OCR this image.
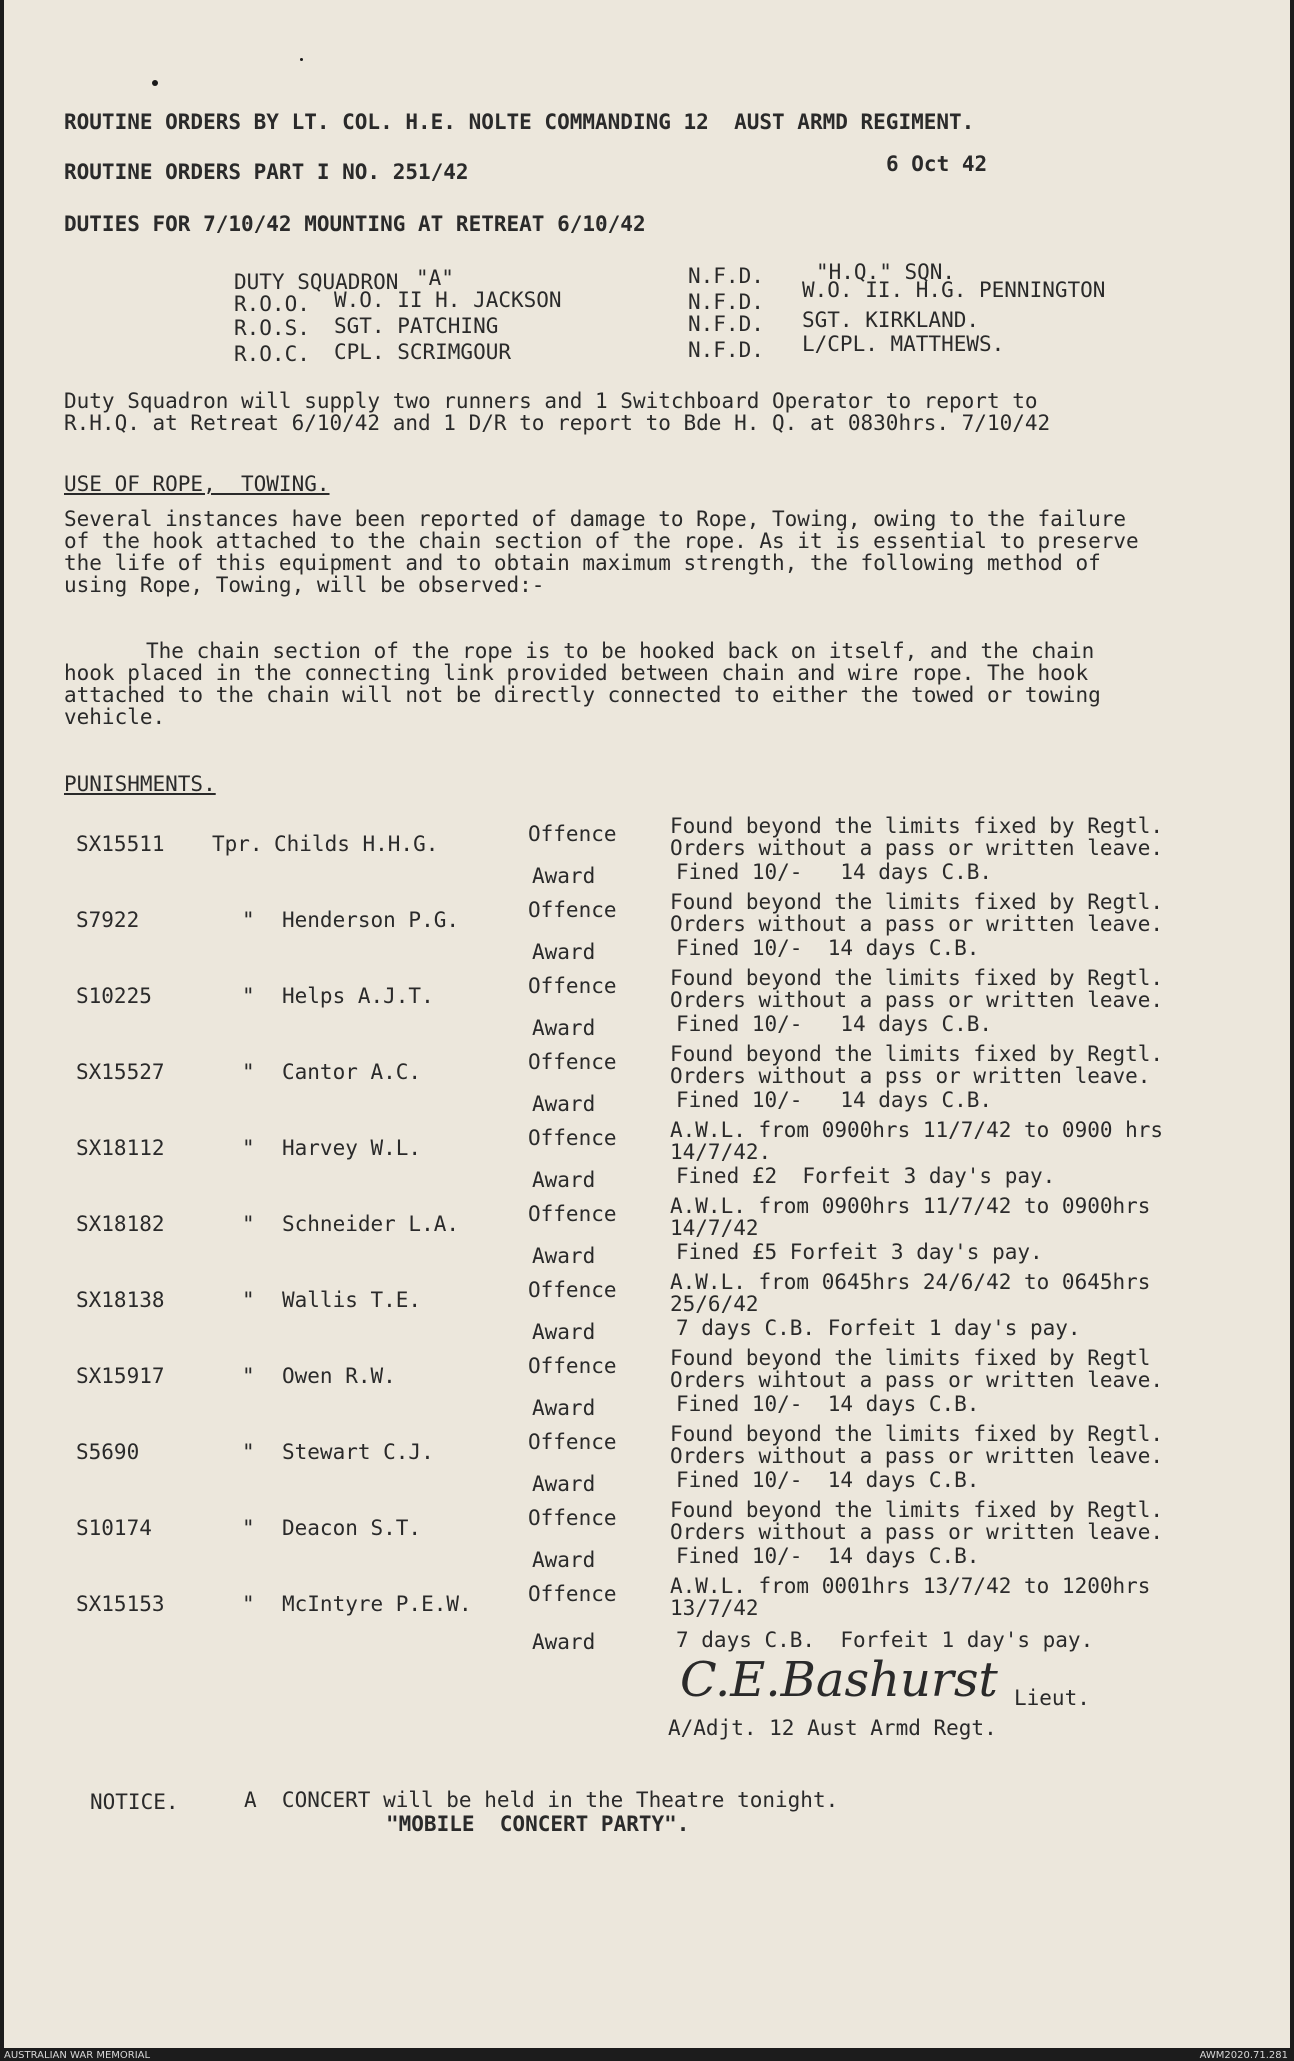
ROUTINE ORDERS BY LT. COL. H.E. NOLTE COMMANDING 12  AUST ARMD REGIMENT.
ROUTINE ORDERS PART I NO. 251/42	6 Oct 42
DUTIES FOR 7/10/42 MOUNTING AT RETREAT 6/10/42
DUTY SQUADRON "A"
R.O.O. W.O. II H. JACKSON
R.O.S. SGT. PATCHING
R.O.C. CPL. SCRIMGOUR
N.F.D. "H.Q." SQN.
N.F.D. W.O. II. H.G. PENNINGTON
N.F.D. SGT. KIRKLAND.
N.F.D. L/CPL. MATTHEWS.
Duty Squadron will supply two runners and 1 Switchboard Operator to report to R.H.Q. at Retreat 6/10/42 and 1 D/R to report to Bde H. Q. at 0830hrs. 7/10/42
USE OF ROPE,  TOWING.
Several instances have been reported of damage to Rope, Towing, owing to the failure of the hook attached to the chain section of the rope. As it is essential to preserve the life of this equipment and to obtain maximum strength, the following method of using Rope, Towing, will be observed:-
The chain section of the rope is to be hooked back on itself, and the chain hook placed in the connecting link provided between chain and wire rope. The hook attached to the chain will not be directly connected to either the towed or towing vehicle.
PUNISHMENTS.
C.E.Bashurst Lieut.
A/Adjt. 12 Aust Armd Regt.
NOTICE.	A  CONCERT will be held in the Theatre tonight.
"MOBILE  CONCERT PARTY".
SX15511 Tpr. Childs H.H.G.	Offence	Found beyond the limits fixed by Regtl.
Orders without a pass or written leave.
Award	Fined 10/-   14 days C.B.
S7922	" Henderson P.G.	Offence	Found beyond the limits fixed by Regtl.
Orders without a pass or written leave.
Award	Fined 10/-  14 days C.B.
S10225	" Helps A.J.T.	Offence	Found beyond the limits fixed by Regtl.
Orders without a pass or written leave.
Award	Fined 10/-   14 days C.B.
SX15527	" Cantor A.C.	Offence	Found beyond the limits fixed by Regtl.
Orders without a pss or written leave.
Award	Fined 10/-   14 days C.B.
SX18112	" Harvey W.L.	Offence	A.W.L. from 0900hrs 11/7/42 to 0900 hrs
14/7/42.
Award	Fined £2  Forfeit 3 day's pay.
SX18182	" Schneider L.A.	Offence	A.W.L. from 0900hrs 11/7/42 to 0900hrs
14/7/42
Award	Fined £5 Forfeit 3 day's pay.
SX18138	" Wallis T.E.	Offence	A.W.L. from 0645hrs 24/6/42 to 0645hrs
25/6/42
Award	7 days C.B. Forfeit 1 day's pay.
SX15917	" Owen R.W.	Offence	Found beyond the limits fixed by Regtl
Orders wihtout a pass or written leave.
Award	Fined 10/-  14 days C.B.
S5690	" Stewart C.J.	Offence	Found beyond the limits fixed by Regtl.
Orders without a pass or written leave.
Award	Fined 10/-  14 days C.B.
S10174	" Deacon S.T.	Offence	Found beyond the limits fixed by Regtl.
Orders without a pass or written leave.
Award	Fined 10/-  14 days C.B.
SX15153	" McIntyre P.E.W.	Offence	A.W.L. from 0001hrs 13/7/42 to 1200hrs
13/7/42
Award	7 days C.B.  Forfeit 1 day's pay.
AUSTRALIAN WAR MEMORIAL	AWM2020.71.281
